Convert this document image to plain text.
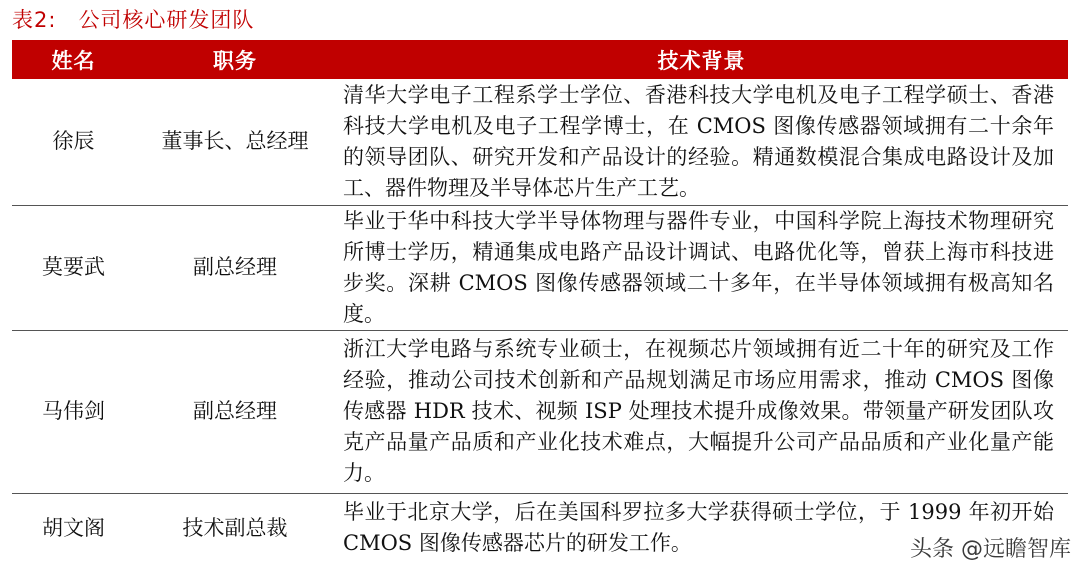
表2: 公司核心研发团队
姓名	职务	技术背景
徐辰	董事长、总经理	清华大学电子工程系学士学位、香港科技大学电机及电子工程学硕士、香港科技大学电机及电子工程学博士，在 CMOS 图像传感器领域拥有二十余年的领导团队、研究开发和产品设计的经验。精通数模混合集成电路设计及加工、器件物理及半导体芯片生产工艺。
莫要武	副总经理	毕业于华中科技大学半导体物理与器件专业，中国科学院上海技术物理研究所博士学历，精通集成电路产品设计调试、电路优化等，曾获上海市科技进步奖。深耕 CMOS 图像传感器领域二十多年，在半导体领域拥有极高知名度。
马伟剑	副总经理	浙江大学电路与系统专业硕士，在视频芯片领域拥有近二十年的研究及工作经验，推动公司技术创新和产品规划满足市场应用需求，推动 CMOS 图像传感器 HDR 技术、视频 ISP 处理技术提升成像效果。带领量产研发团队攻克产品量产品质和产业化技术难点，大幅提升公司产品品质和产业化量产能力。
胡文阁	技术副总裁	毕业于北京大学，后在美国科罗拉多大学获得硕士学位，于 1999 年初开始 CMOS 图像传感器芯片的研发工作。	头条 @远瞻智库
